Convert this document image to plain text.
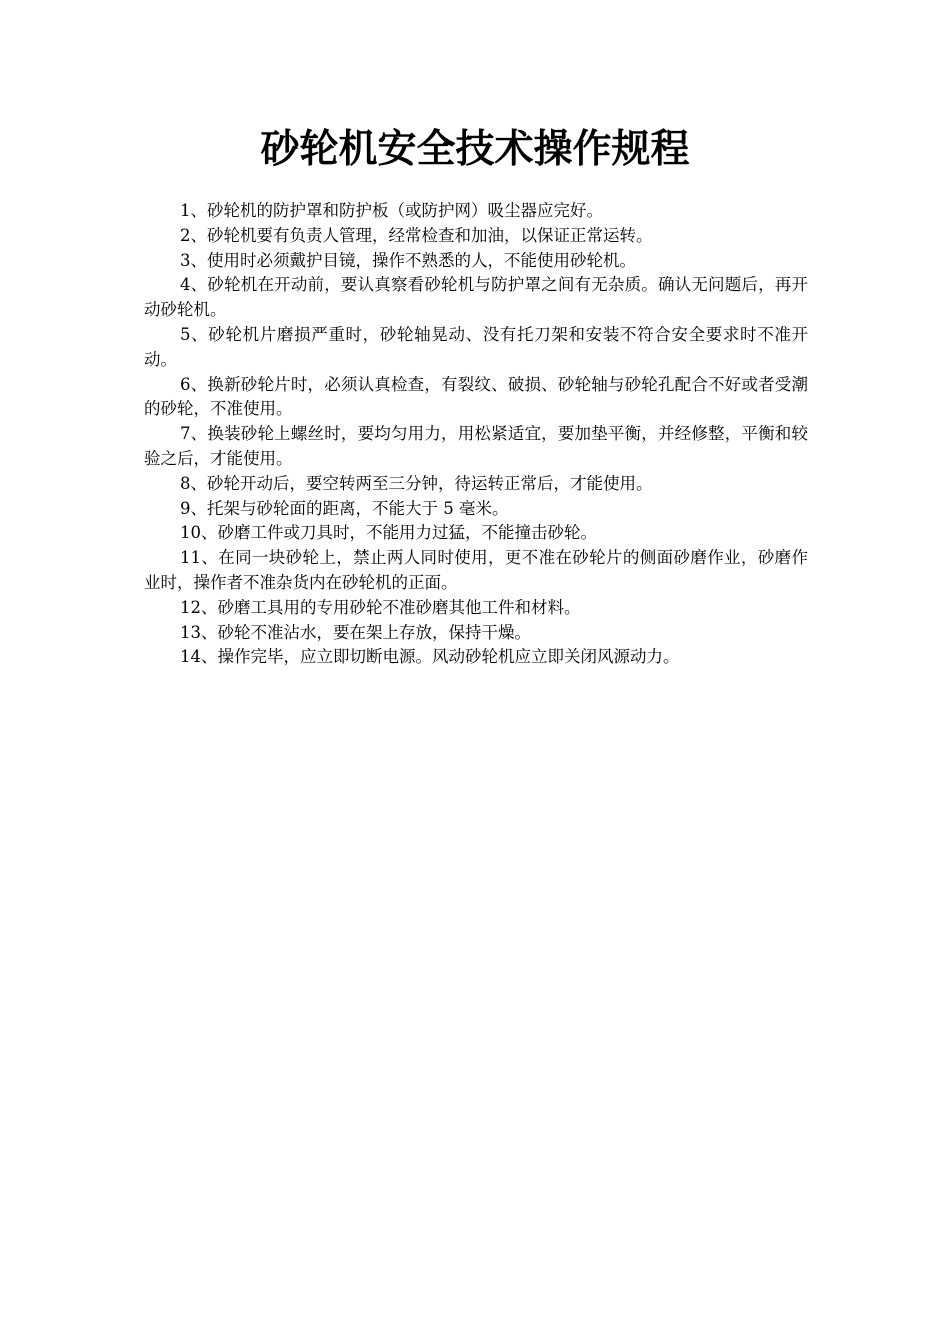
砂轮机安全技术操作规程

1、砂轮机的防护罩和防护板（或防护网）吸尘器应完好。

2、砂轮机要有负责人管理，经常检查和加油，以保证正常运转。

3、使用时必须戴护目镜，操作不熟悉的人，不能使用砂轮机。

4、砂轮机在开动前，要认真察看砂轮机与防护罩之间有无杂质。确认无问题后，再开动砂轮机。

5、砂轮机片磨损严重时，砂轮轴晃动、没有托刀架和安装不符合安全要求时不准开动。

6、换新砂轮片时，必须认真检查，有裂纹、破损、砂轮轴与砂轮孔配合不好或者受潮的砂轮，不准使用。

7、换装砂轮上螺丝时，要均匀用力，用松紧适宜，要加垫平衡，并经修整，平衡和较验之后，才能使用。

8、砂轮开动后，要空转两至三分钟，待运转正常后，才能使用。

9、托架与砂轮面的距离，不能大于 5 毫米。

10、砂磨工件或刀具时，不能用力过猛，不能撞击砂轮。

11、在同一块砂轮上，禁止两人同时使用，更不准在砂轮片的侧面砂磨作业，砂磨作业时，操作者不准杂货内在砂轮机的正面。

12、砂磨工具用的专用砂轮不准砂磨其他工件和材料。

13、砂轮不准沾水，要在架上存放，保持干燥。

14、操作完毕，应立即切断电源。风动砂轮机应立即关闭风源动力。
